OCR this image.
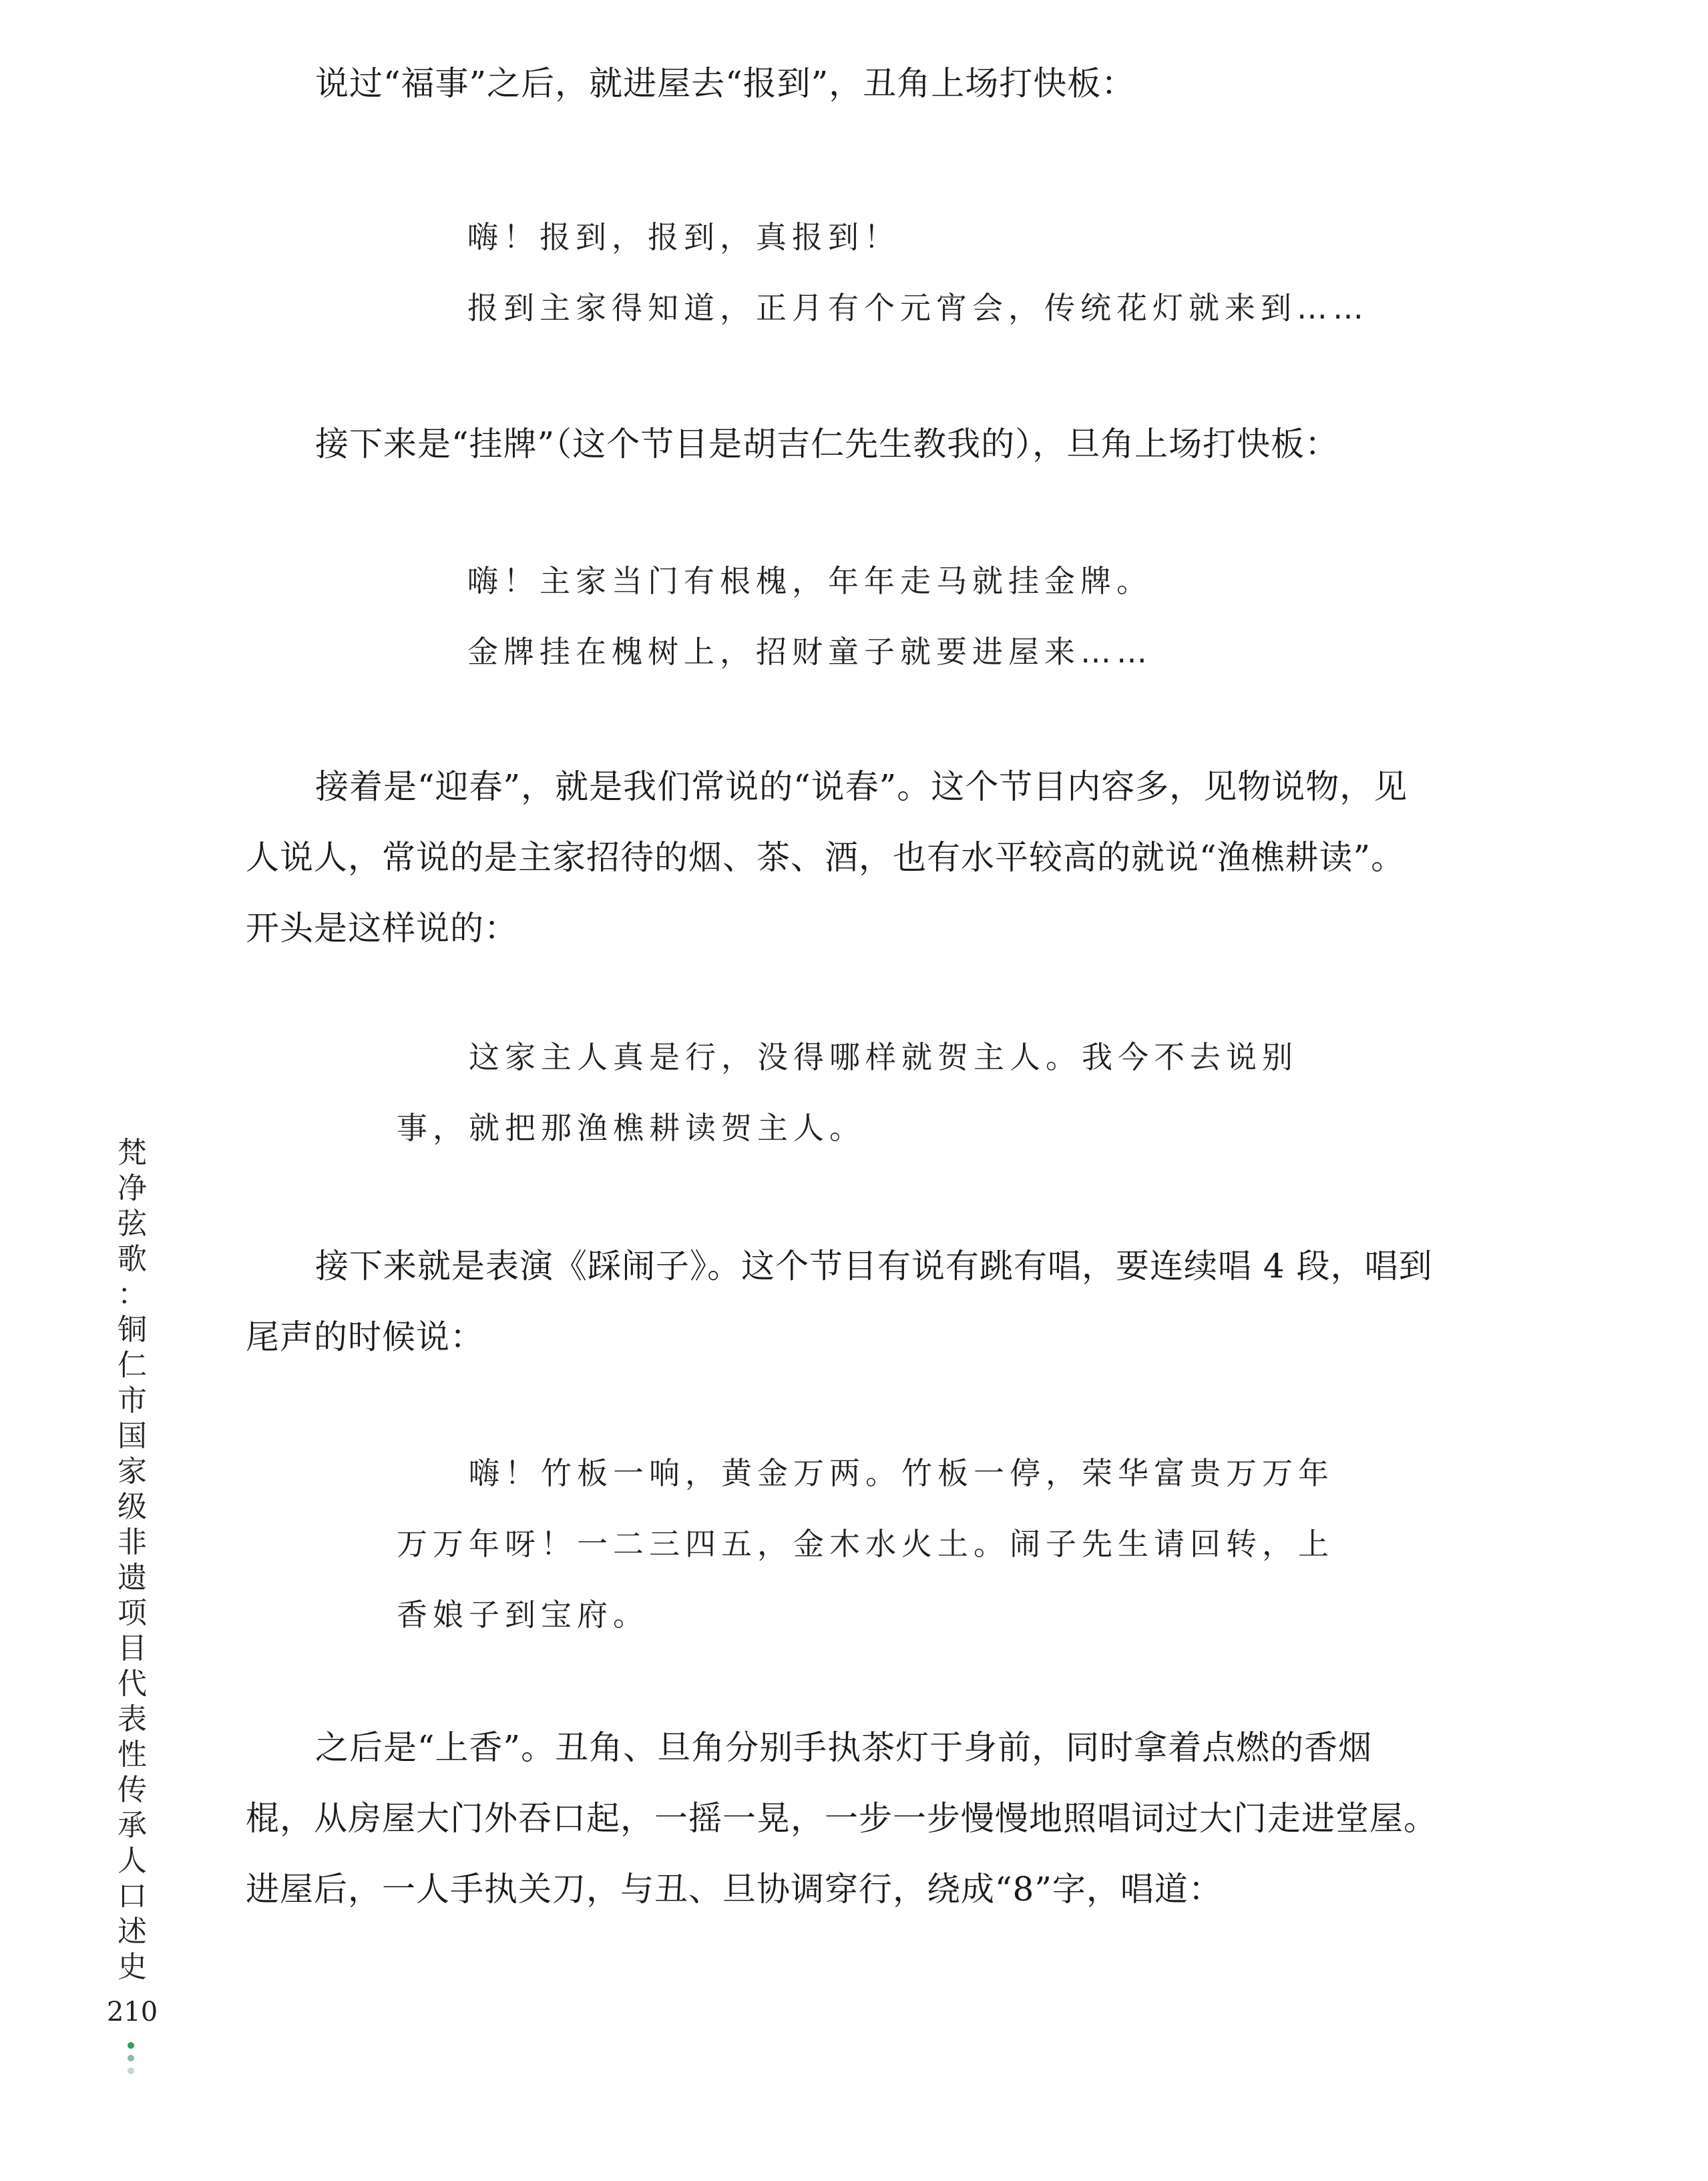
说过“福事”之后，就进屋去“报到”，丑角上场打快板：

嗨！报到，报到，真报到！
报到主家得知道，正月有个元宵会，传统花灯就来到……

接下来是“挂牌”（这个节目是胡吉仁先生教我的），旦角上场打快板：

嗨！主家当门有根槐，年年走马就挂金牌。
金牌挂在槐树上，招财童子就要进屋来……

接着是“迎春”，就是我们常说的“说春”。这个节目内容多，见物说物，见
人说人，常说的是主家招待的烟、茶、酒，也有水平较高的就说“渔樵耕读”。
开头是这样说的：

这家主人真是行，没得哪样就贺主人。我今不去说别
事，就把那渔樵耕读贺主人。

接下来就是表演《踩闹子》。这个节目有说有跳有唱，要连续唱 4 段，唱到
尾声的时候说：

嗨！竹板一响，黄金万两。竹板一停，荣华富贵万万年
万万年呀！一二三四五，金木水火土。闹子先生请回转，上
香娘子到宝府。

之后是“上香”。丑角、旦角分别手执茶灯于身前，同时拿着点燃的香烟
棍，从房屋大门外吞口起，一摇一晃，一步一步慢慢地照唱词过大门走进堂屋。
进屋后，一人手执关刀，与丑、旦协调穿行，绕成“8”字，唱道：

梵
净
弦
歌
：
铜
仁
市
国
家
级
非
遗
项
目
代
表
性
传
承
人
口
述
史
210
